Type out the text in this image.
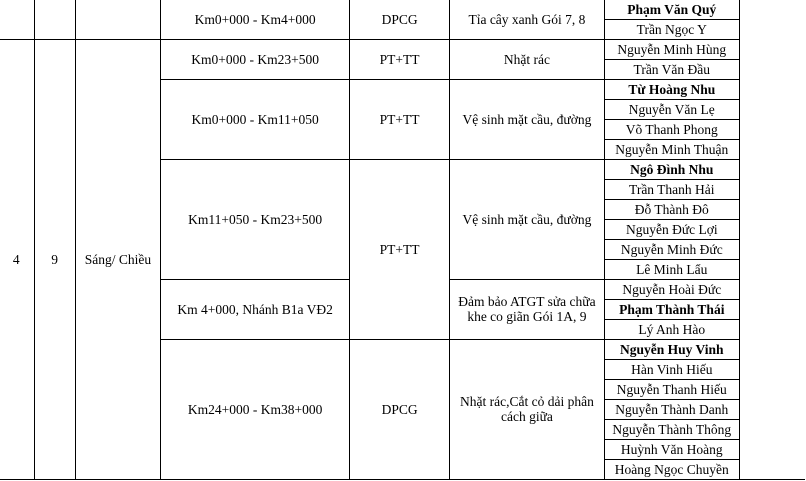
			Km0+000 - Km4+000	DPCG	Tỉa cây xanh Gói 7, 8	Phạm Văn Quý	
						Trần Ngọc Y	
4	9	Sáng/ Chiều	Km0+000 - Km23+500	PT+TT	Nhặt rác	Nguyễn Minh Hùng	
						Trần Văn Đầu	
			Km0+000 - Km11+050	PT+TT	Vệ sinh mặt cầu, đường	Từ Hoàng Nhu	
						Nguyễn Văn Lẹ	
						Võ Thanh Phong	
						Nguyễn Minh Thuận	
			Km11+050 - Km23+500	PT+TT	Vệ sinh mặt cầu, đường	Ngô Đình Nhu	
						Trần Thanh Hải	
						Đỗ Thành Đô	
						Nguyễn Đức Lợi	
						Nguyễn Minh Đức	
						Lê Minh Lẩu	
			Km 4+000, Nhánh B1a VĐ2		Đảm bảo ATGT sửa chữa khe co giãn Gói 1A, 9	Nguyễn Hoài Đức	
						Phạm Thành Thái	
						Lý Anh Hào	
			Km24+000 - Km38+000	DPCG	Nhặt rác,Cắt cỏ dải phân cách giữa	Nguyễn Huy Vinh	
						Hàn Vinh Hiếu	
						Nguyễn Thanh Hiếu	
						Nguyễn Thành Danh	
						Nguyễn Thành Thông	
						Huỳnh Văn Hoàng	
						Hoàng Ngọc Chuyền	
